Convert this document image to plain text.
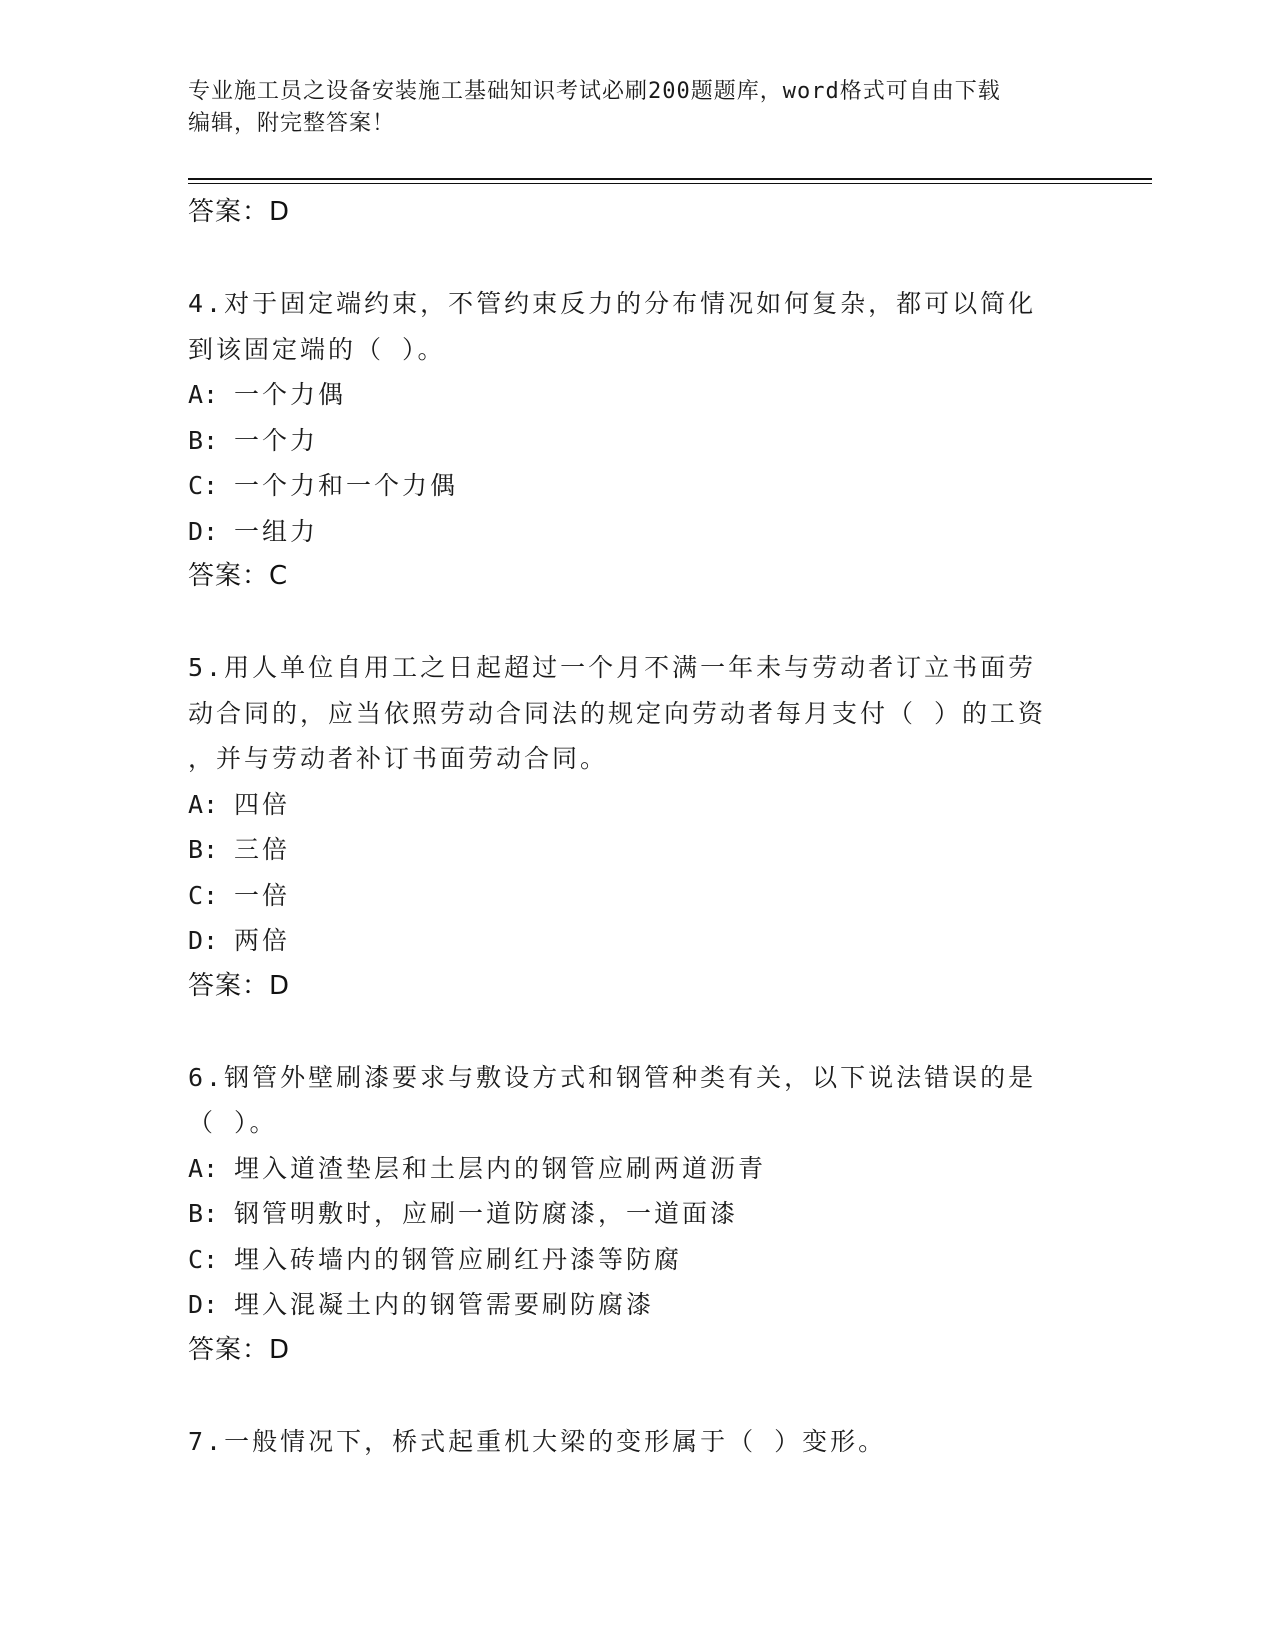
专业施工员之设备安装施工基础知识考试必刷200题题库，word格式可自由下载
编辑，附完整答案！
答案：D
4.对于固定端约束，不管约束反力的分布情况如何复杂，都可以简化
到该固定端的（ ）。
A: 一个力偶
B: 一个力
C: 一个力和一个力偶
D: 一组力
答案：C
5.用人单位自用工之日起超过一个月不满一年未与劳动者订立书面劳
动合同的，应当依照劳动合同法的规定向劳动者每月支付（ ）的工资
，并与劳动者补订书面劳动合同。
A: 四倍
B: 三倍
C: 一倍
D: 两倍
答案：D
6.钢管外壁刷漆要求与敷设方式和钢管种类有关，以下说法错误的是
（ ）。
A: 埋入道渣垫层和土层内的钢管应刷两道沥青
B: 钢管明敷时，应刷一道防腐漆，一道面漆
C: 埋入砖墙内的钢管应刷红丹漆等防腐
D: 埋入混凝土内的钢管需要刷防腐漆
答案：D
7.一般情况下，桥式起重机大梁的变形属于（ ）变形。
